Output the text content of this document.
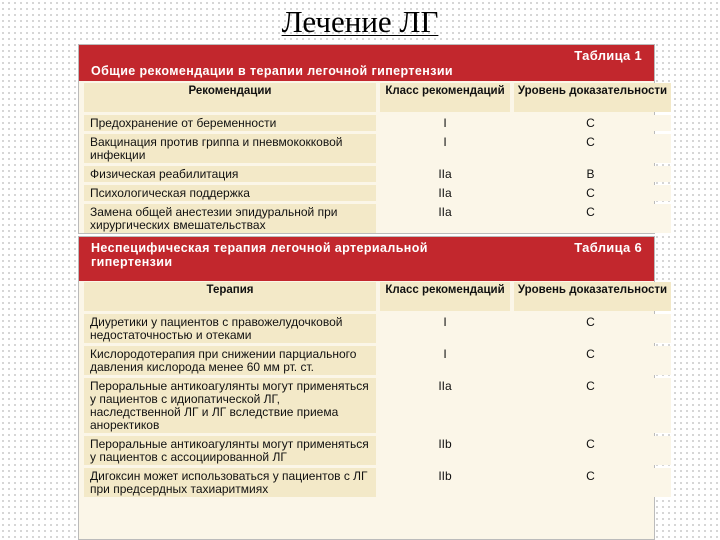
Лечение ЛГ
Таблица 1
Общие рекомендации в терапии легочной гипертензии
Рекомендации	Класс рекомендаций	Уровень доказательности
Предохранение от беременности	I	C
Вакцинация против гриппа и пневмококковой инфекции	I	C
Физическая реабилитация	IIa	B
Психологическая поддержка	IIa	C
Замена общей анестезии эпидуральной при хирургических вмешательствах	IIa	C
Таблица 6
Неспецифическая терапия легочной артериальной гипертензии
Терапия	Класс рекомендаций	Уровень доказательности
Диуретики у пациентов с правожелудочковой недостаточностью и отеками	I	C
Кислородотерапия при снижении парциального давления кислорода менее 60 мм рт. ст.	I	C
Пероральные антикоагулянты могут применяться у пациентов с идиопатической ЛГ, наследственной ЛГ и ЛГ вследствие приема аноректиков	IIa	C
Пероральные антикоагулянты могут применяться у пациентов с ассоциированной ЛГ	IIb	C
Дигоксин может использоваться у пациентов с ЛГ при предсердных тахиаритмиях	IIb	C
